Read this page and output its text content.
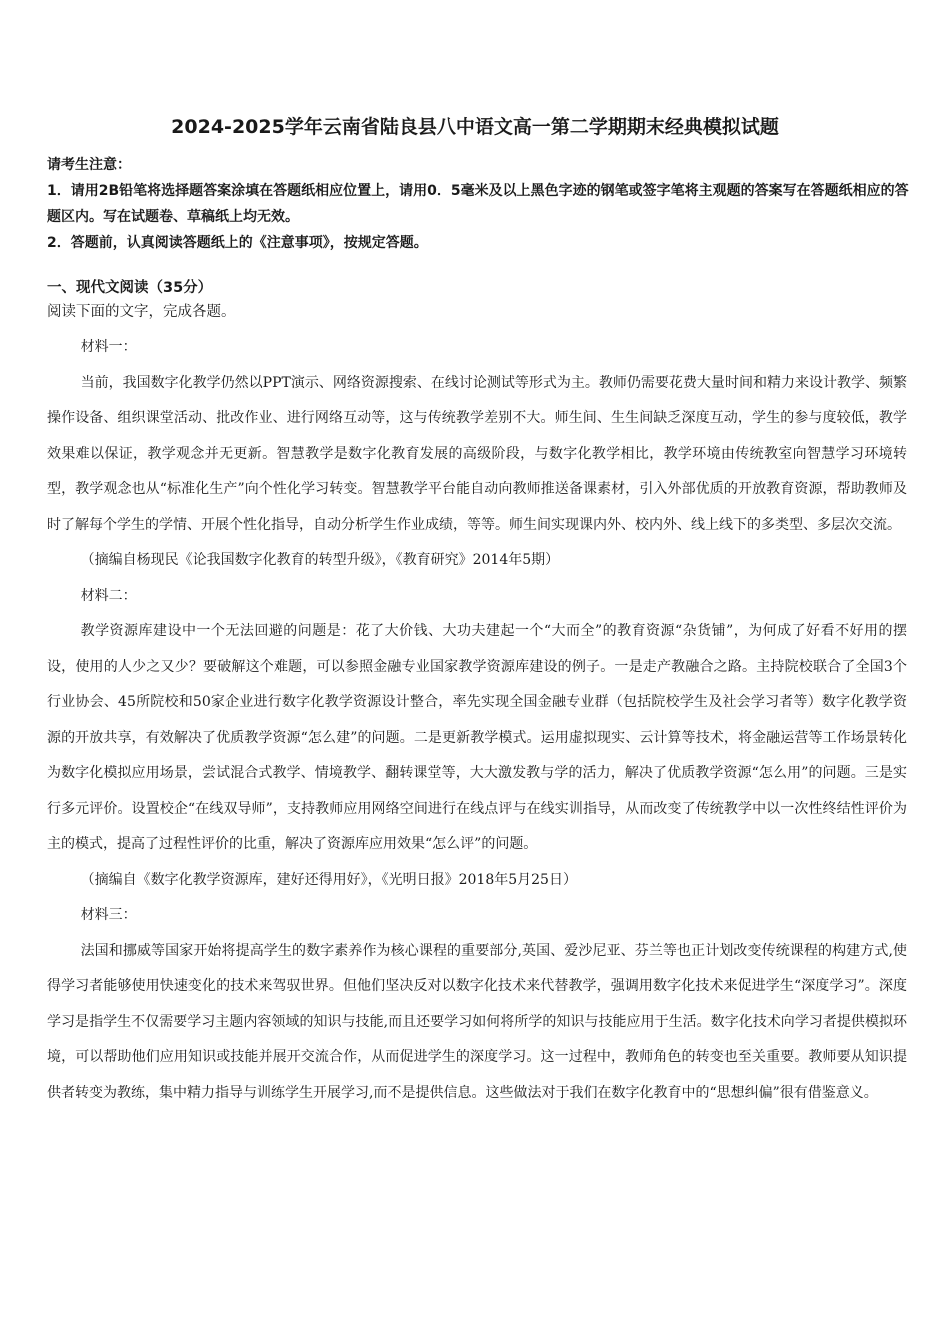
2024-2025学年云南省陆良县八中语文高一第二学期期末经典模拟试题

请考生注意：

1．请用2B铅笔将选择题答案涂填在答题纸相应位置上，请用0．5毫米及以上黑色字迹的钢笔或签字笔将主观题的答案写在答题纸相应的答题区内。写在试题卷、草稿纸上均无效。

2．答题前，认真阅读答题纸上的《注意事项》，按规定答题。

一、现代文阅读（35分）
阅读下面的文字，完成各题。

材料一：

当前，我国数字化教学仍然以PPT演示、网络资源搜索、在线讨论测试等形式为主。教师仍需要花费大量时间和精力来设计教学、频繁操作设备、组织课堂活动、批改作业、进行网络互动等，这与传统教学差别不大。师生间、生生间缺乏深度互动，学生的参与度较低，教学效果难以保证，教学观念并无更新。智慧教学是数字化教育发展的高级阶段，与数字化教学相比，教学环境由传统教室向智慧学习环境转型，教学观念也从“标准化生产”向个性化学习转变。智慧教学平台能自动向教师推送备课素材，引入外部优质的开放教育资源，帮助教师及时了解每个学生的学情、开展个性化指导，自动分析学生作业成绩，等等。师生间实现课内外、校内外、线上线下的多类型、多层次交流。

（摘编自杨现民《论我国数字化教育的转型升级》，《教育研究》2014年5期）

材料二：

教学资源库建设中一个无法回避的问题是：花了大价钱、大功夫建起一个“大而全”的教育资源“杂货铺”，为何成了好看不好用的摆设，使用的人少之又少？要破解这个难题，可以参照金融专业国家教学资源库建设的例子。一是走产教融合之路。主持院校联合了全国3个行业协会、45所院校和50家企业进行数字化教学资源设计整合，率先实现全国金融专业群（包括院校学生及社会学习者等）数字化教学资源的开放共享，有效解决了优质教学资源“怎么建”的问题。二是更新教学模式。运用虚拟现实、云计算等技术，将金融运营等工作场景转化为数字化模拟应用场景，尝试混合式教学、情境教学、翻转课堂等，大大激发教与学的活力，解决了优质教学资源“怎么用”的问题。三是实行多元评价。设置校企“在线双导师”，支持教师应用网络空间进行在线点评与在线实训指导，从而改变了传统教学中以一次性终结性评价为主的模式，提高了过程性评价的比重，解决了资源库应用效果“怎么评”的问题。

（摘编自《数字化教学资源库，建好还得用好》，《光明日报》2018年5月25日）

材料三：

法国和挪威等国家开始将提高学生的数字素养作为核心课程的重要部分,英国、爱沙尼亚、芬兰等也正计划改变传统课程的构建方式,使得学习者能够使用快速变化的技术来驾驭世界。但他们坚决反对以数字化技术来代替教学，强调用数字化技术来促进学生“深度学习”。深度学习是指学生不仅需要学习主题内容领域的知识与技能,而且还要学习如何将所学的知识与技能应用于生活。数字化技术向学习者提供模拟环境，可以帮助他们应用知识或技能并展开交流合作，从而促进学生的深度学习。这一过程中，教师角色的转变也至关重要。教师要从知识提供者转变为教练，集中精力指导与训练学生开展学习,而不是提供信息。这些做法对于我们在数字化教育中的“思想纠偏”很有借鉴意义。
